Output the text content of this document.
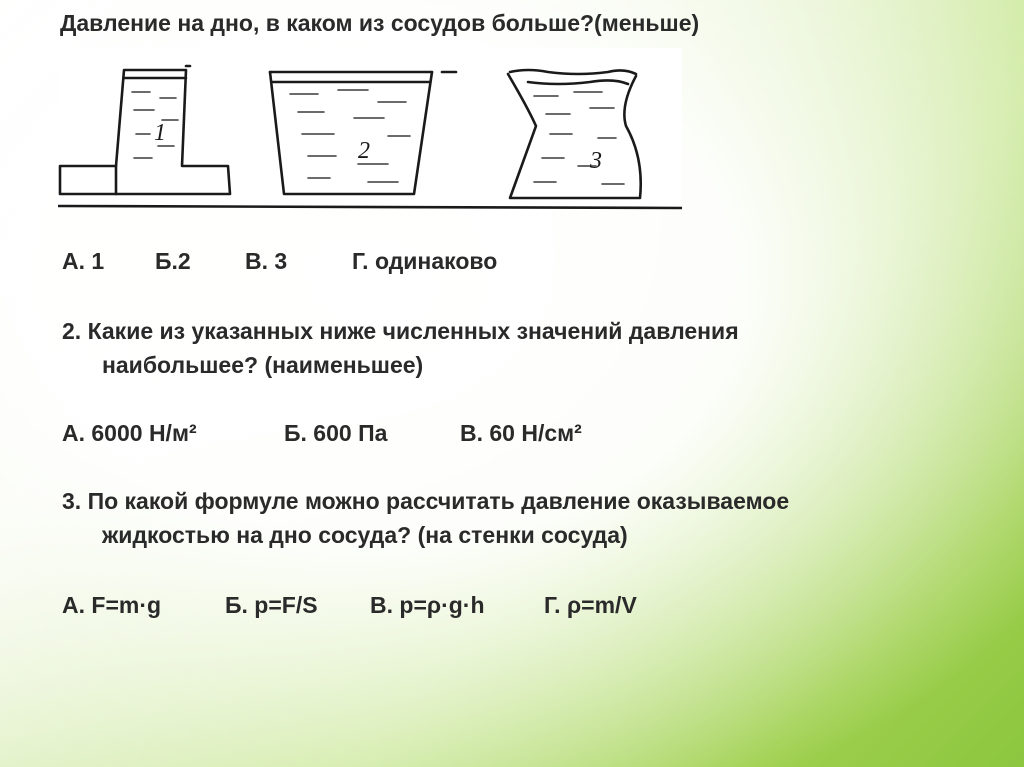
Давление на дно, в каком из сосудов больше?(меньше)
1
2	3
А. 1 Б.2 В. 3	Г. одинаково
2. Какие из указанных ниже численных значений давления
наибольшее? (наименьшее)
А. 6000 Н/м²	Б. 600 Па	В. 60 Н/см²
3. По какой формуле можно рассчитать давление оказываемое
жидкостью на дно сосуда? (на стенки сосуда)
А. F=m·g	Б. p=F/S В. p=ρ·g·h	Г. ρ=m/V
